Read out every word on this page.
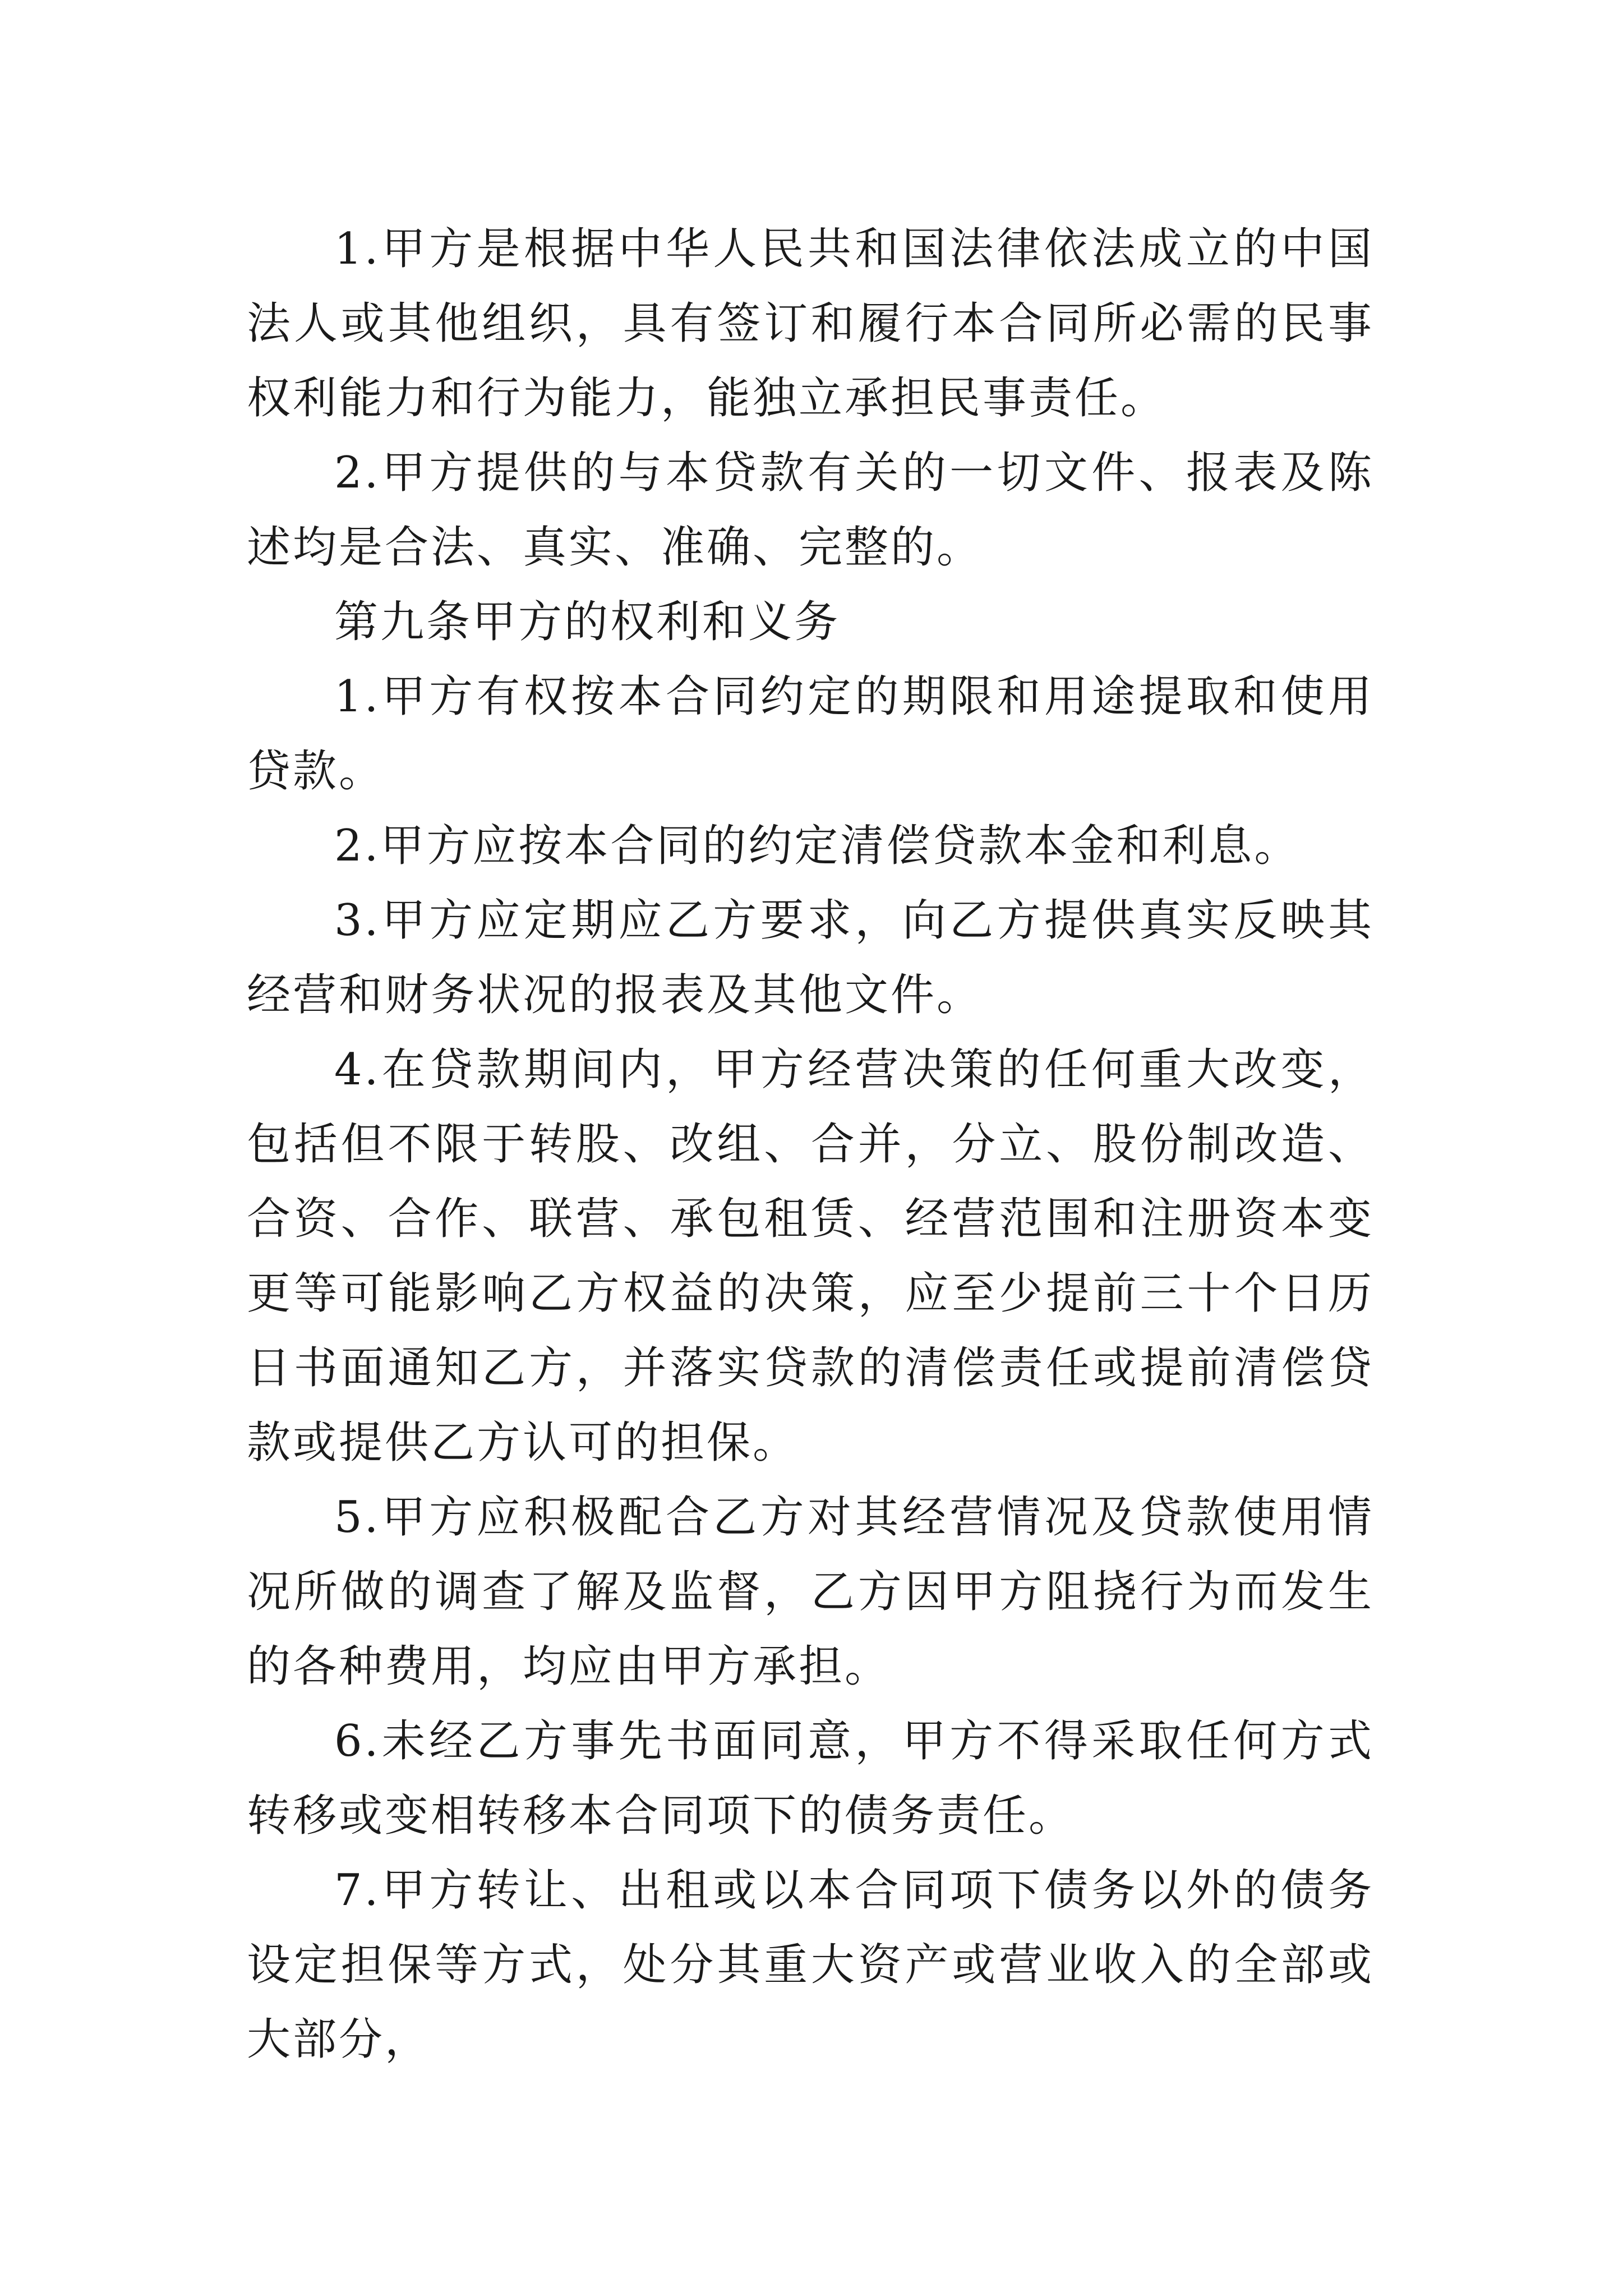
1.甲方是根据中华人民共和国法律依法成立的中国法人或其他组织，具有签订和履行本合同所必需的民事权利能力和行为能力，能独立承担民事责任。

2.甲方提供的与本贷款有关的一切文件、报表及陈述均是合法、真实、准确、完整的。

第九条甲方的权利和义务

1.甲方有权按本合同约定的期限和用途提取和使用贷款。

2.甲方应按本合同的约定清偿贷款本金和利息。

3.甲方应定期应乙方要求，向乙方提供真实反映其经营和财务状况的报表及其他文件。

4.在贷款期间内，甲方经营决策的任何重大改变，包括但不限于转股、改组、合并，分立、股份制改造、合资、合作、联营、承包租赁、经营范围和注册资本变更等可能影响乙方权益的决策，应至少提前三十个日历日书面通知乙方，并落实贷款的清偿责任或提前清偿贷款或提供乙方认可的担保。

5.甲方应积极配合乙方对其经营情况及贷款使用情况所做的调查了解及监督，乙方因甲方阻挠行为而发生的各种费用，均应由甲方承担。

6.未经乙方事先书面同意，甲方不得采取任何方式转移或变相转移本合同项下的债务责任。

7.甲方转让、出租或以本合同项下债务以外的债务设定担保等方式，处分其重大资产或营业收入的全部或大部分，
